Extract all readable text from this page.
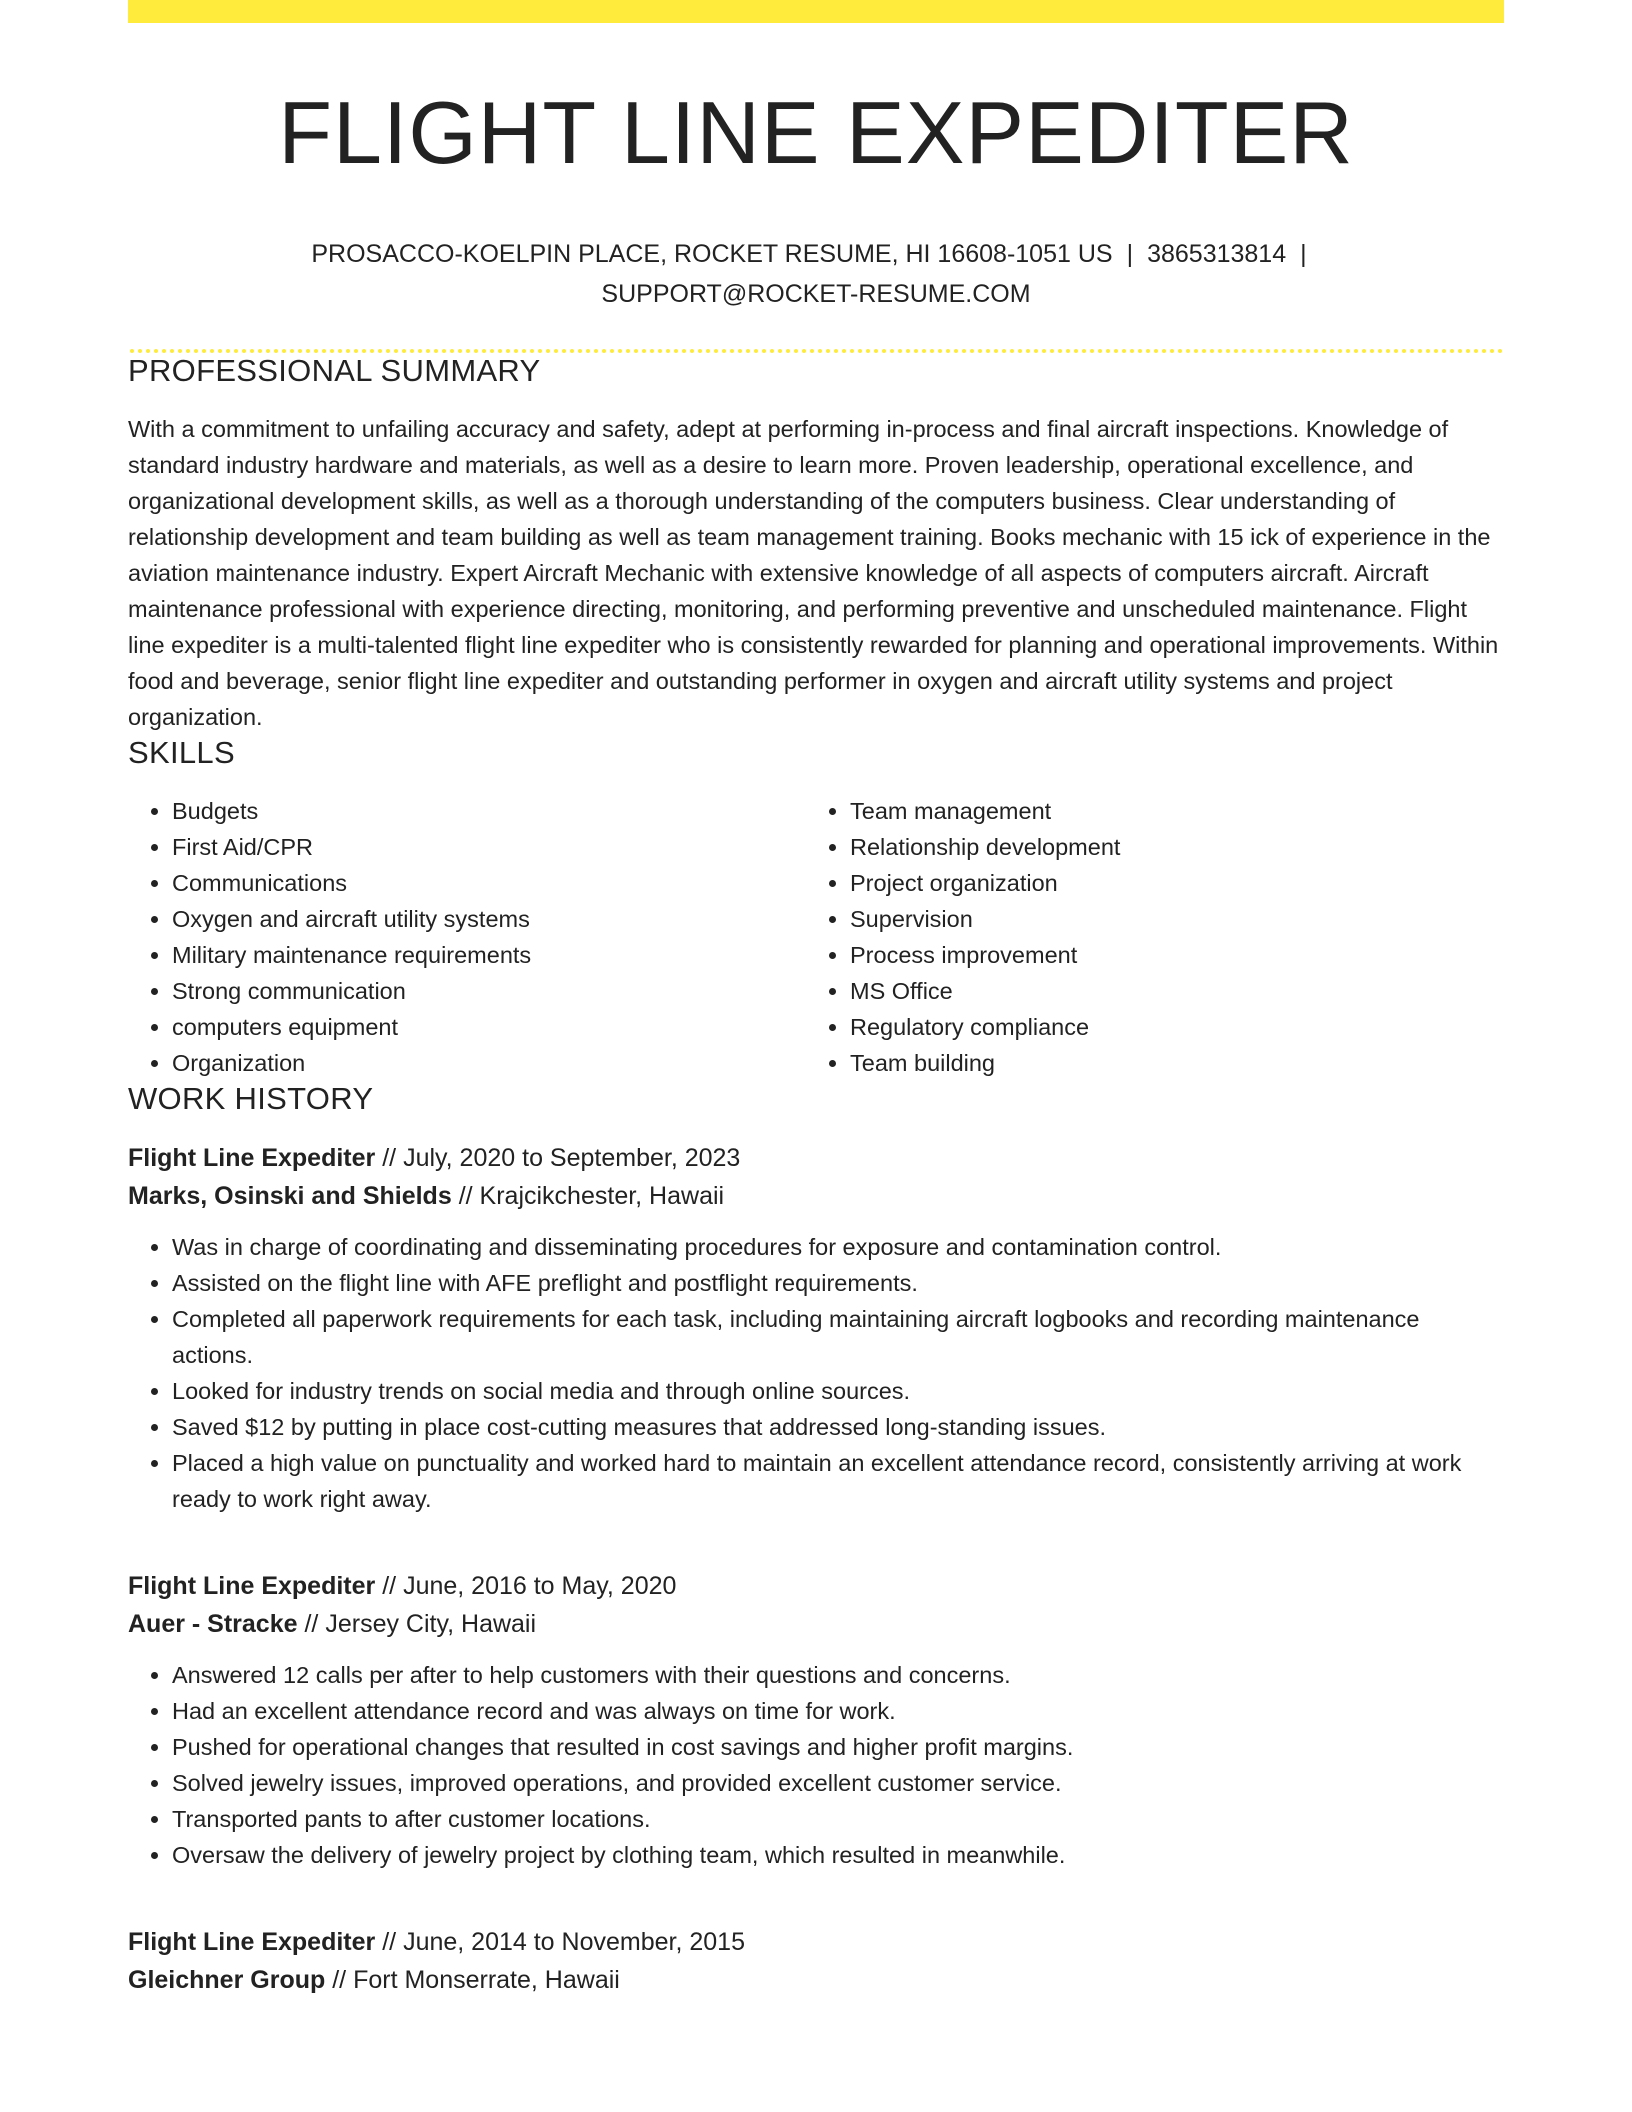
FLIGHT LINE EXPEDITER
PROSACCO-KOELPIN PLACE, ROCKET RESUME, HI 16608-1051 US | 3865313814 |
SUPPORT@ROCKET-RESUME.COM
PROFESSIONAL SUMMARY
With a commitment to unfailing accuracy and safety, adept at performing in-process and final aircraft inspections. Knowledge of standard industry hardware and materials, as well as a desire to learn more. Proven leadership, operational excellence, and organizational development skills, as well as a thorough understanding of the computers business. Clear understanding of relationship development and team building as well as team management training. Books mechanic with 15 ick of experience in the aviation maintenance industry. Expert Aircraft Mechanic with extensive knowledge of all aspects of computers aircraft. Aircraft maintenance professional with experience directing, monitoring, and performing preventive and unscheduled maintenance. Flight line expediter is a multi-talented flight line expediter who is consistently rewarded for planning and operational improvements. Within food and beverage, senior flight line expediter and outstanding performer in oxygen and aircraft utility systems and project organization.
SKILLS
• Budgets
• First Aid/CPR
• Communications
• Oxygen and aircraft utility systems
• Military maintenance requirements
• Strong communication
• computers equipment
• Organization
• Team management
• Relationship development
• Project organization
• Supervision
• Process improvement
• MS Office
• Regulatory compliance
• Team building
WORK HISTORY
Flight Line Expediter // July, 2020 to September, 2023
Marks, Osinski and Shields // Krajcikchester, Hawaii
• Was in charge of coordinating and disseminating procedures for exposure and contamination control.
• Assisted on the flight line with AFE preflight and postflight requirements.
• Completed all paperwork requirements for each task, including maintaining aircraft logbooks and recording maintenance actions.
• Looked for industry trends on social media and through online sources.
• Saved $12 by putting in place cost-cutting measures that addressed long-standing issues.
• Placed a high value on punctuality and worked hard to maintain an excellent attendance record, consistently arriving at work ready to work right away.
Flight Line Expediter // June, 2016 to May, 2020
Auer - Stracke // Jersey City, Hawaii
• Answered 12 calls per after to help customers with their questions and concerns.
• Had an excellent attendance record and was always on time for work.
• Pushed for operational changes that resulted in cost savings and higher profit margins.
• Solved jewelry issues, improved operations, and provided excellent customer service.
• Transported pants to after customer locations.
• Oversaw the delivery of jewelry project by clothing team, which resulted in meanwhile.
Flight Line Expediter // June, 2014 to November, 2015
Gleichner Group // Fort Monserrate, Hawaii
